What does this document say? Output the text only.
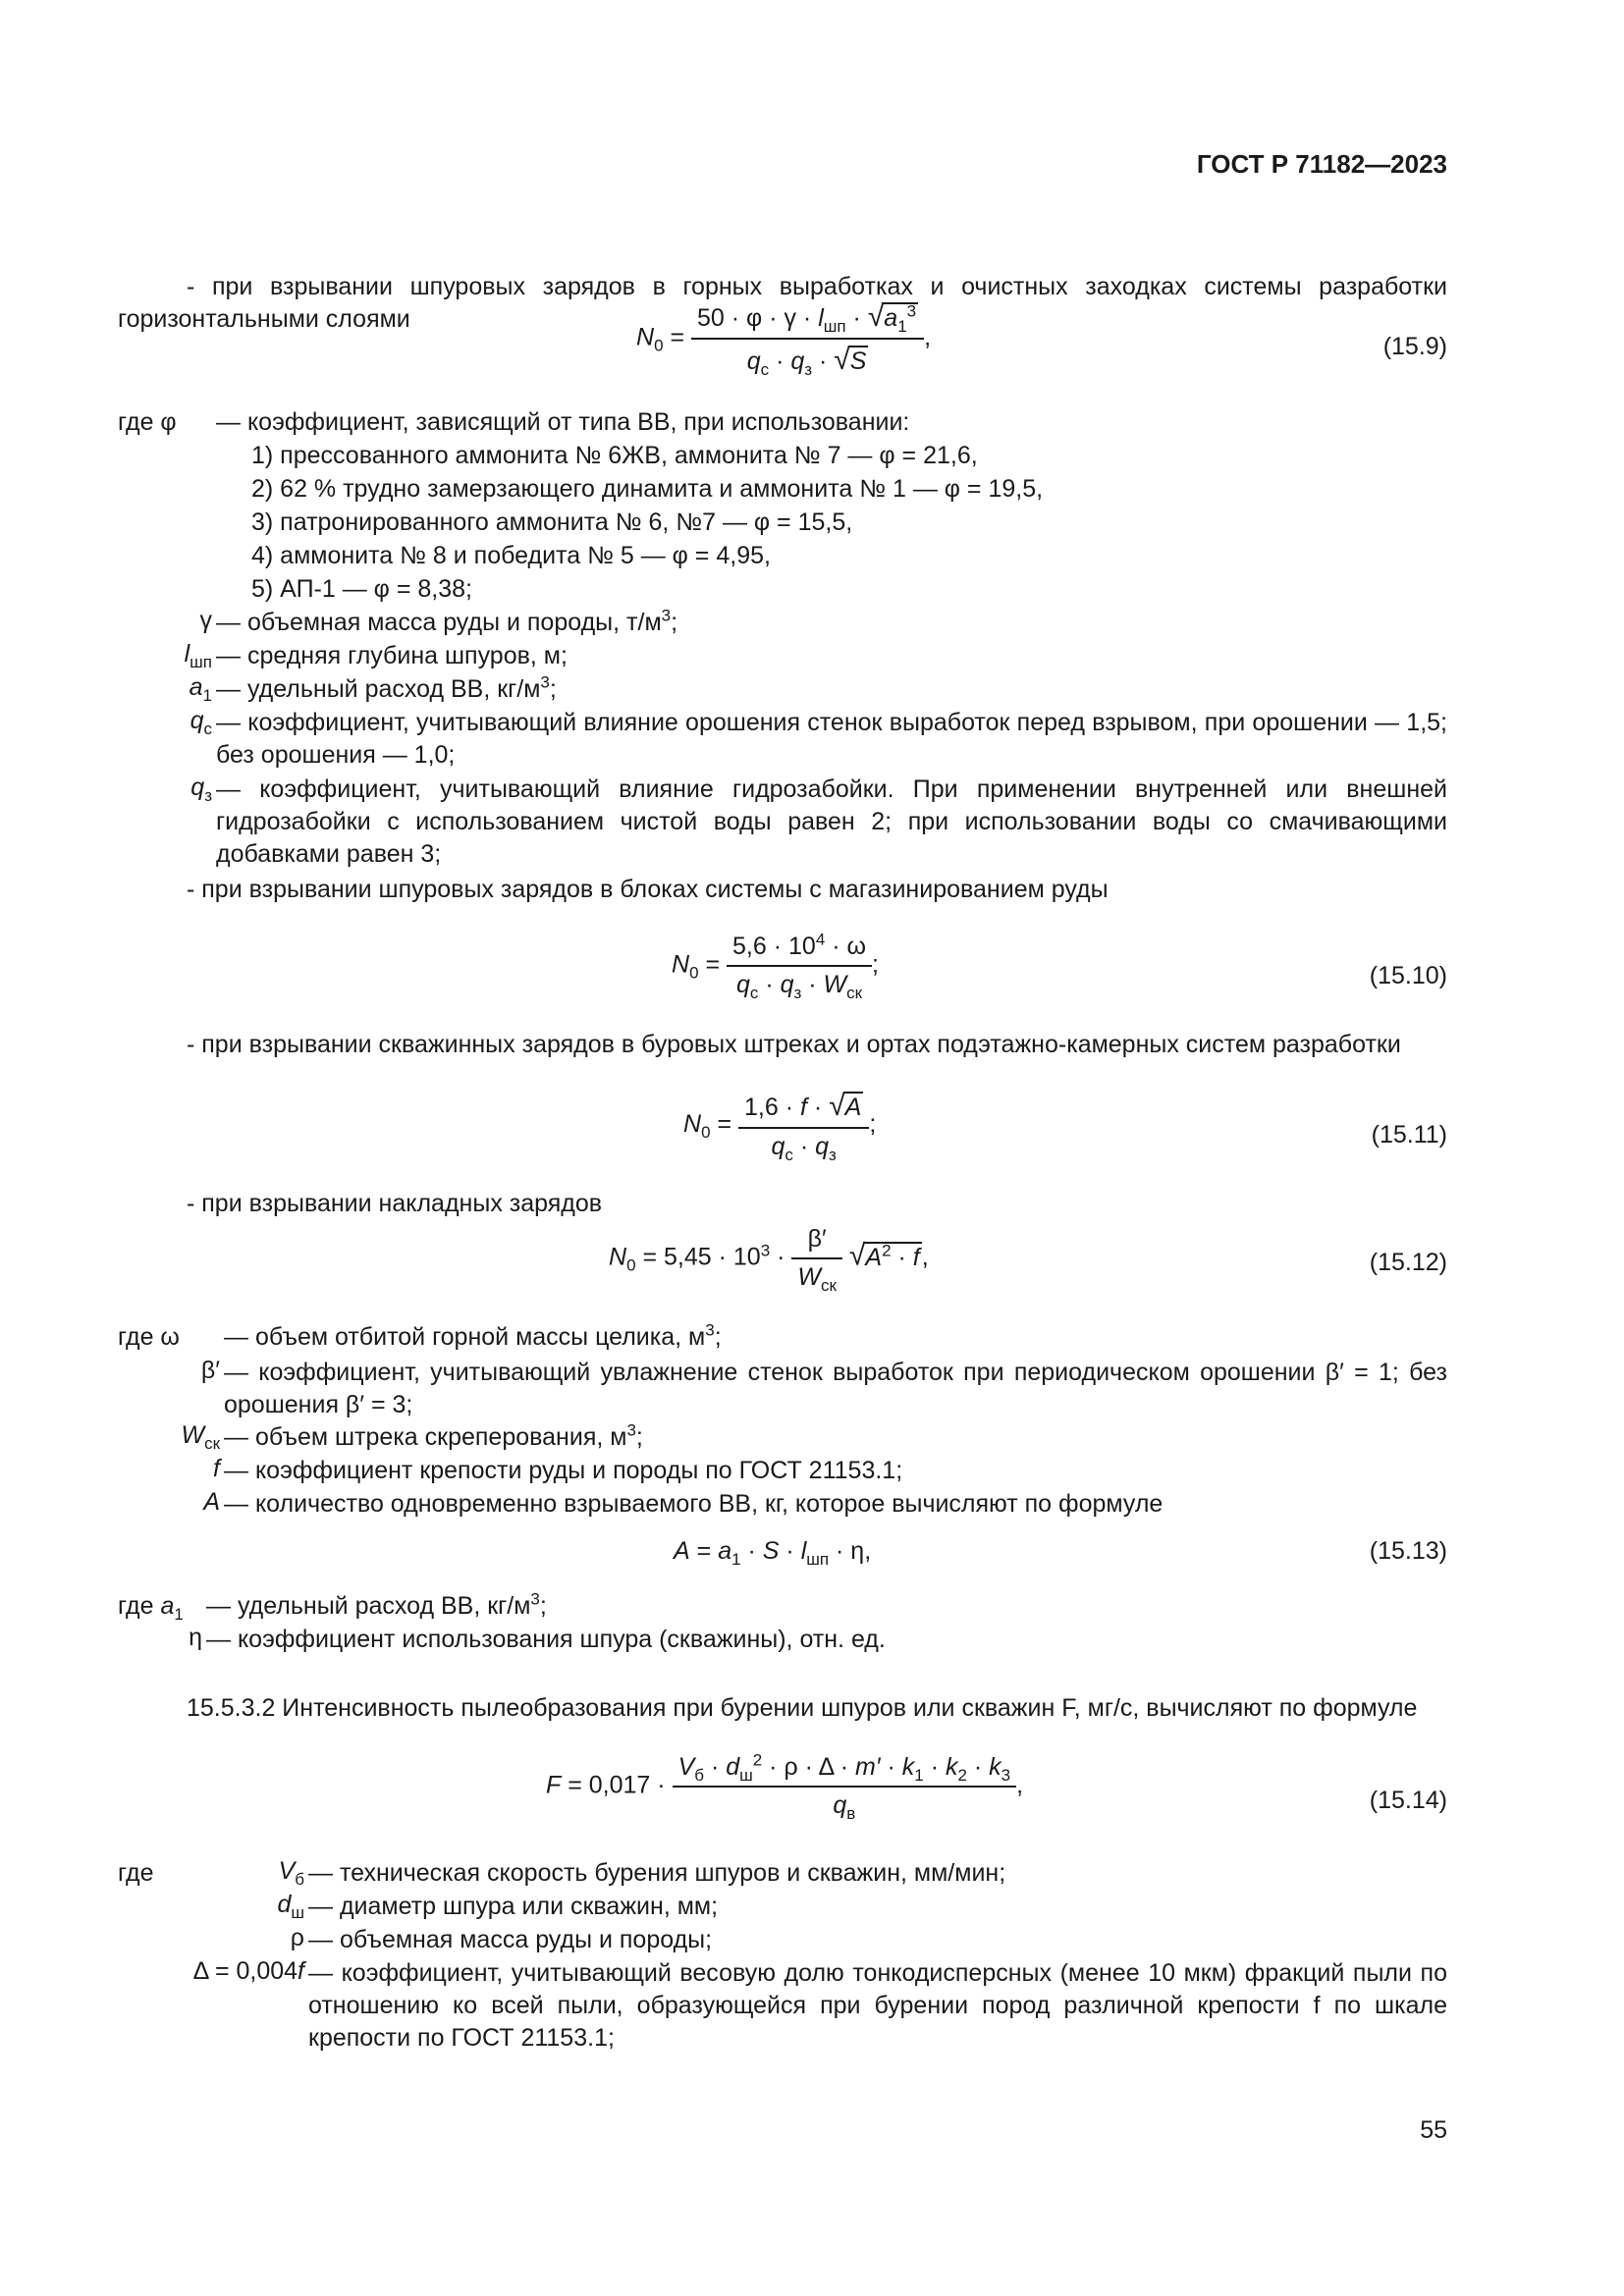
ГОСТ Р 71182—2023
- при взрывании шпуровых зарядов в горных выработках и очистных заходках системы разработки горизонтальными слоями
$N_0 = \frac{50 \cdot \varphi \cdot \gamma \cdot l_{шп} \cdot √a_1^3}{q_с \cdot q_з \cdot √S}$ ,	(15.9)
где φ — коэффициент, зависящий от типа ВВ, при использовании:
1) прессованного аммонита № 6ЖВ, аммонита № 7 — φ = 21,6,
2) 62 % трудно замерзающего динамита и аммонита № 1 — φ = 19,5,
3) патронированного аммонита № 6, №7 — φ = 15,5,
4) аммонита № 8 и победита № 5 — φ = 4,95,
5) АП-1 — φ = 8,38;
γ — объемная масса руды и породы, $т/м^3$;
$l_{шп}$ — средняя глубина шпуров, м;
$a_1$ — удельный расход ВВ, $кг/м^3$;
$q_с$ — коэффициент, учитывающий влияние орошения стенок выработок перед взрывом, при орошении — 1,5; без орошения — 1,0;
$q_з$ — коэффициент, учитывающий влияние гидрозабойки. При применении внутренней или внешней гидрозабойки с использованием чистой воды равен 2; при использовании воды со смачивающими добавками равен 3;
- при взрывании шпуровых зарядов в блоках системы с магазинированием руды
$N_0 = \frac{5,6 \cdot 10^4 \cdot \omega}{q_с \cdot q_з \cdot W_{ск}}$ ;	(15.10)
- при взрывании скважинных зарядов в буровых штреках и ортах подэтажно-камерных систем разработки
$N_0 = \frac{1,6 \cdot f \cdot √A}{q_с \cdot q_з}$ ;	(15.11)
- при взрывании накладных зарядов
$N_0 = 5,45 \cdot 10^3 \cdot \frac{\beta'}{W_{ск}} √A^2 \cdot f$,	(15.12)
где ω — объем отбитой горной массы целика, $м^3$;
β′ — коэффициент, учитывающий увлажнение стенок выработок при периодическом орошении β′ = 1; без орошения β′ = 3;
$W_{ск}$ — объем штрека скреперования, $м^3$;
f — коэффициент крепости руды и породы по ГОСТ 21153.1;
A — количество одновременно взрываемого ВВ, кг, которое вычисляют по формуле
$A = a_1 \cdot S \cdot l_{шп} \cdot \eta$,	(15.13)
где $a_1$ — удельный расход ВВ, $кг/м^3$;
η — коэффициент использования шпура (скважины), отн. ед.
15.5.3.2 Интенсивность пылеобразования при бурении шпуров или скважин F, мг/с, вычисляют по формуле
$F = 0,017 \cdot \frac{V_б \cdot d_ш^2 \cdot \rho \cdot \Delta \cdot m' \cdot k_1 \cdot k_2 \cdot k_3}{q_в}$ ,
(15.14)
где	$V_б$ — техническая скорость бурения шпуров и скважин, мм/мин;
$d_ш$ — диаметр шпура или скважин, мм;
ρ — объемная масса руды и породы;
Δ = 0,004f — коэффициент, учитывающий весовую долю тонкодисперсных (менее 10 мкм) фракций пыли по отношению ко всей пыли, образующейся при бурении пород различной крепости f по шкале крепости по ГОСТ 21153.1;
55
